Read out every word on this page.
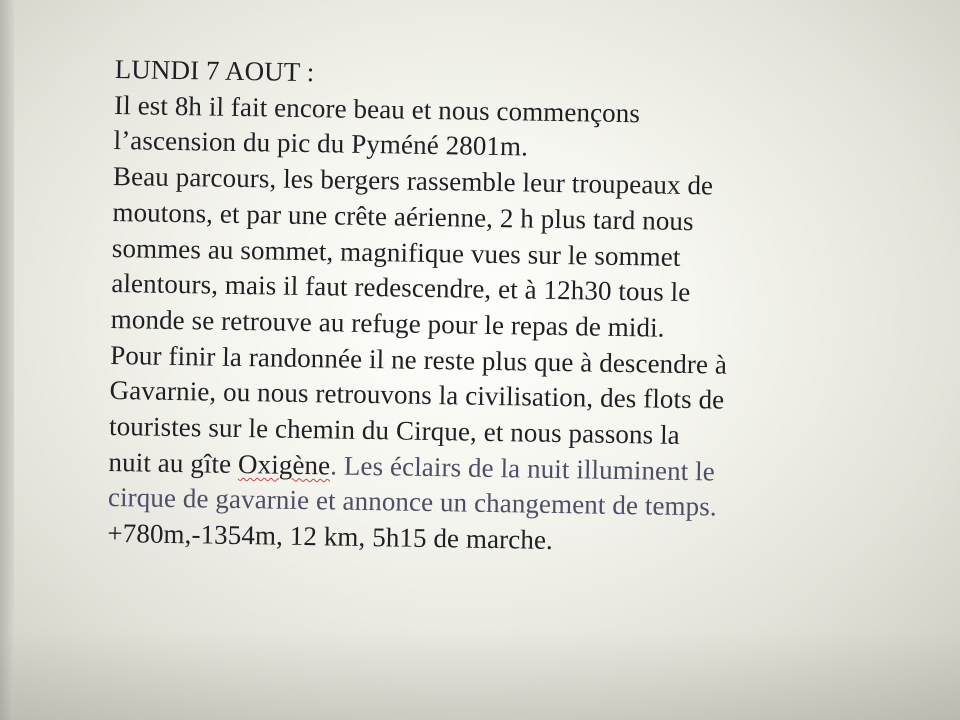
LUNDI 7 AOUT :
Il est 8h il fait encore beau et nous commençons
l’ascension du pic du Pyméné 2801m.
Beau parcours, les bergers rassemble leur troupeaux de
moutons, et par une crête aérienne, 2 h plus tard nous
sommes au sommet, magnifique vues sur le sommet
alentours, mais il faut redescendre, et à 12h30 tous le
monde se retrouve au refuge pour le repas de midi.
Pour finir la randonnée il ne reste plus que à descendre à
Gavarnie, ou nous retrouvons la civilisation, des flots de
touristes sur le chemin du Cirque, et nous passons la
nuit au gîte Oxigène. Les éclairs de la nuit illuminent le
cirque de gavarnie et annonce un changement de temps.
+780m,-1354m, 12 km, 5h15 de marche.
